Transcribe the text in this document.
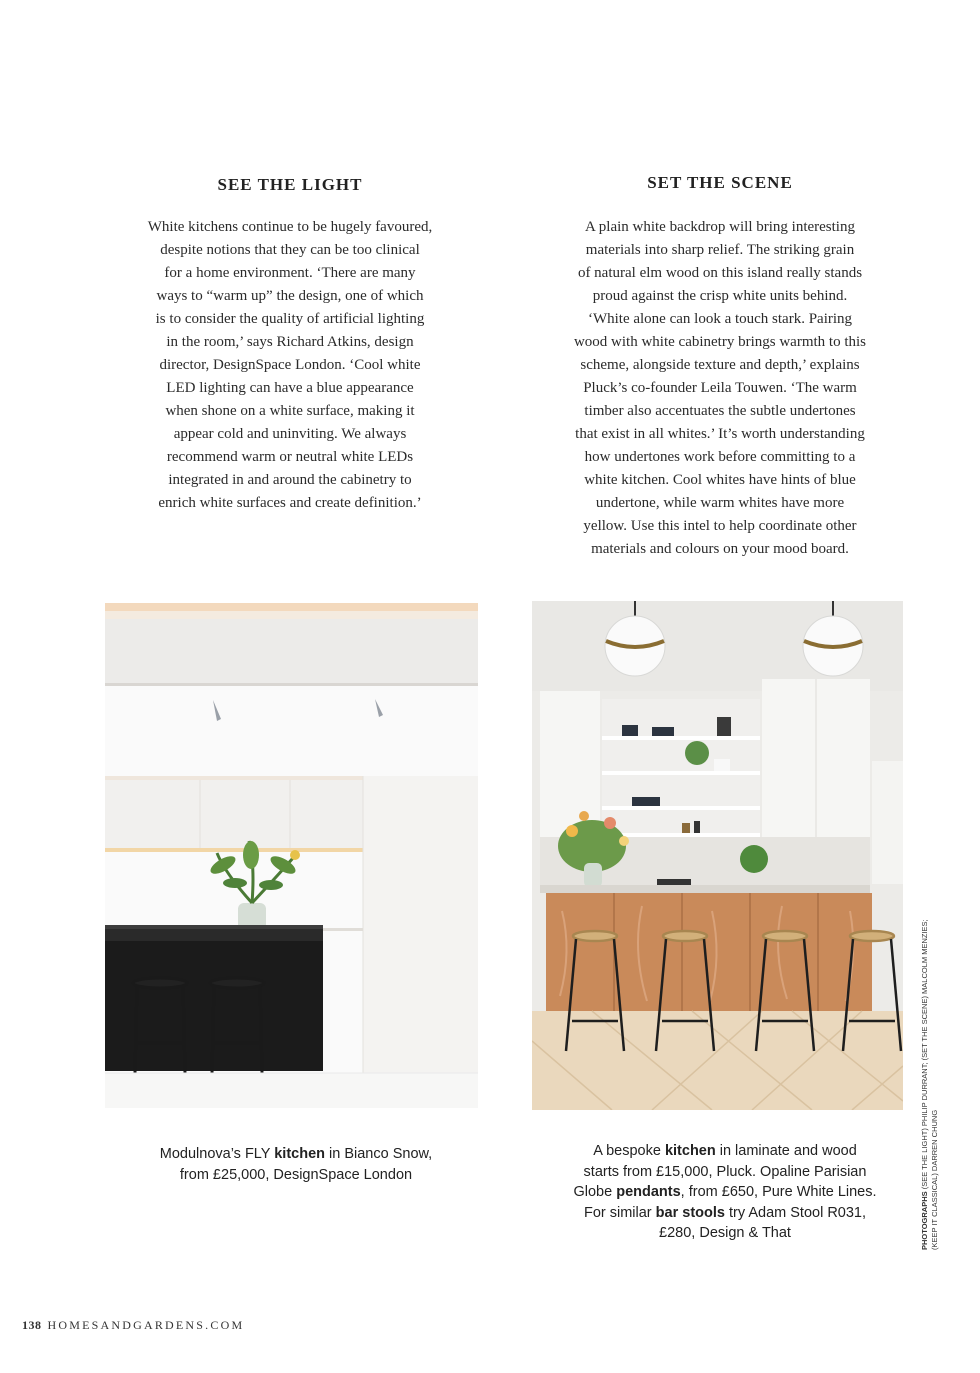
SEE THE LIGHT

White kitchens continue to be hugely favoured,
despite notions that they can be too clinical
for a home environment. ‘There are many
ways to “warm up” the design, one of which
is to consider the quality of artificial lighting
in the room,’ says Richard Atkins, design
director, DesignSpace London. ‘Cool white
LED lighting can have a blue appearance
when shone on a white surface, making it
appear cold and uninviting. We always
recommend warm or neutral white LEDs
integrated in and around the cabinetry to
enrich white surfaces and create definition.’

SET THE SCENE

A plain white backdrop will bring interesting
materials into sharp relief. The striking grain
of natural elm wood on this island really stands
proud against the crisp white units behind.
‘White alone can look a touch stark. Pairing
wood with white cabinetry brings warmth to this
scheme, alongside texture and depth,’ explains
Pluck’s co-founder Leila Touwen. ‘The warm
timber also accentuates the subtle undertones
that exist in all whites.’ It’s worth understanding
how undertones work before committing to a
white kitchen. Cool whites have hints of blue
undertone, while warm whites have more
yellow. Use this intel to help coordinate other
materials and colours on your mood board.

Modulnova’s FLY kitchen in Bianco Snow,
from £25,000, DesignSpace London
A bespoke kitchen in laminate and wood
starts from £15,000, Pluck. Opaline Parisian
Globe pendants, from £650, Pure White Lines.
For similar bar stools try Adam Stool R031,
£280, Design & That	PHOTOGRAPHS (SEE THE LIGHT) PHILIP DURRANT; (SET THE SCENE) MALCOLM MENZIES; (KEEP IT CLASSICAL) DARREN CHUNG
138 HOMESANDGARDENS.COM
